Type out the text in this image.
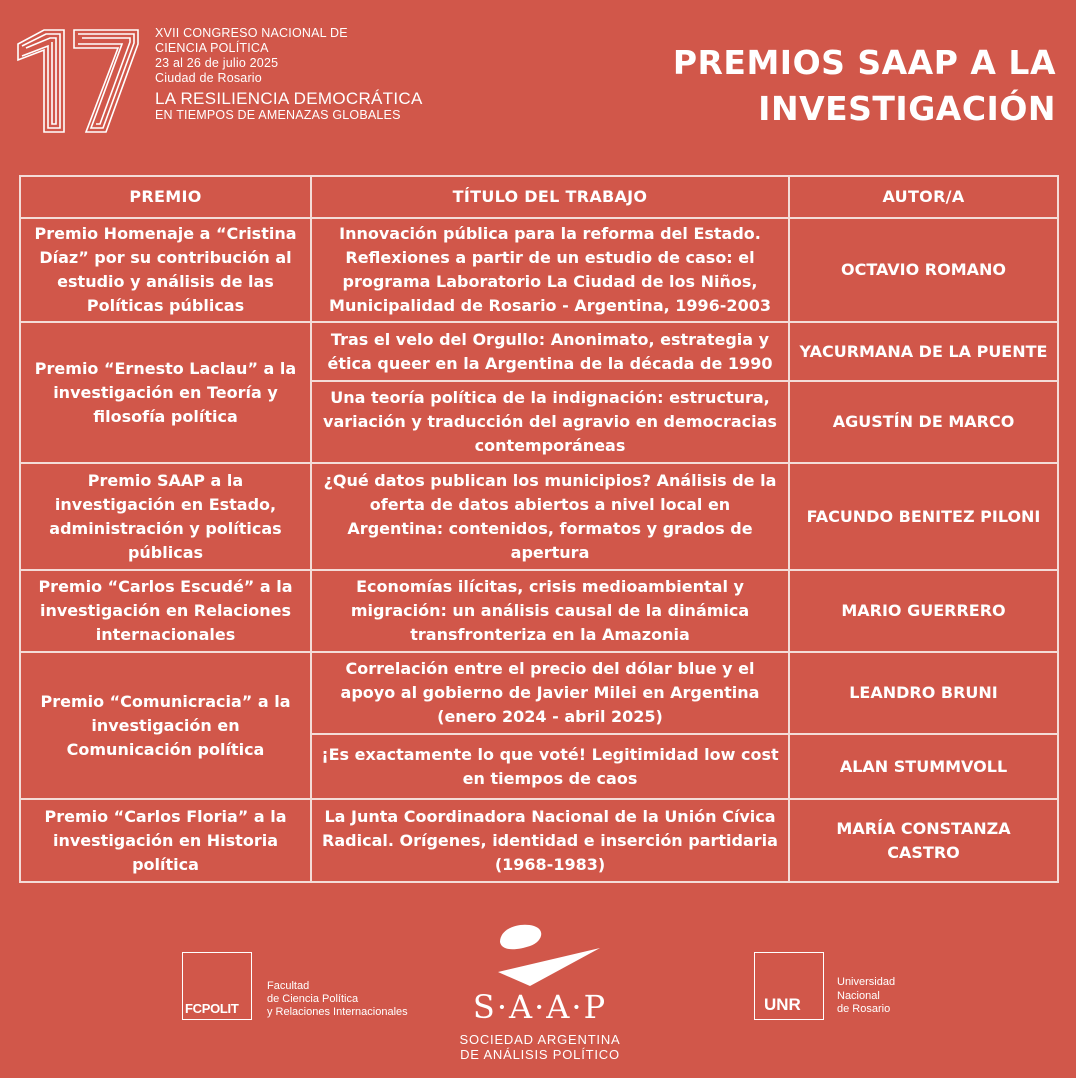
XVII CONGRESO NACIONAL DE
CIENCIA POLÍTICA
23 al 26 de julio 2025
Ciudad de Rosario
LA RESILIENCIA DEMOCRÁTICA
EN TIEMPOS DE AMENAZAS GLOBALES
PREMIOS SAAP A LA
INVESTIGACIÓN
PREMIO	TÍTULO DEL TRABAJO	AUTOR/A
Premio Homenaje a “Cristina Díaz” por su contribución al estudio y análisis de las Políticas públicas	Innovación pública para la reforma del Estado. Reflexiones a partir de un estudio de caso: el programa Laboratorio La Ciudad de los Niños, Municipalidad de Rosario - Argentina, 1996-2003	OCTAVIO ROMANO
Premio “Ernesto Laclau” a la investigación en Teoría y filosofía política	Tras el velo del Orgullo: Anonimato, estrategia y ética queer en la Argentina de la década de 1990	YACURMANA DE LA PUENTE
	Una teoría política de la indignación: estructura, variación y traducción del agravio en democracias contemporáneas	AGUSTÍN DE MARCO
Premio SAAP a la investigación en Estado, administración y políticas públicas	¿Qué datos publican los municipios? Análisis de la oferta de datos abiertos a nivel local en Argentina: contenidos, formatos y grados de apertura	FACUNDO BENITEZ PILONI
Premio “Carlos Escudé” a la investigación en Relaciones internacionales	Economías ilícitas, crisis medioambiental y migración: un análisis causal de la dinámica transfronteriza en la Amazonia	MARIO GUERRERO
Premio “Comunicracia” a la investigación en Comunicación política	Correlación entre el precio del dólar blue y el apoyo al gobierno de Javier Milei en Argentina (enero 2024 - abril 2025)	LEANDRO BRUNI
	¡Es exactamente lo que voté! Legitimidad low cost en tiempos de caos	ALAN STUMMVOLL
Premio “Carlos Floria” a la investigación en Historia política	La Junta Coordinadora Nacional de la Unión Cívica Radical. Orígenes, identidad e inserción partidaria (1968-1983)	MARÍA CONSTANZA CASTRO
FCPOLIT
Facultad
de Ciencia Política
y Relaciones Internacionales	S·A·A·P
SOCIEDAD ARGENTINA
DE ANÁLISIS POLÍTICO
UNR
Universidad
Nacional
de Rosario
